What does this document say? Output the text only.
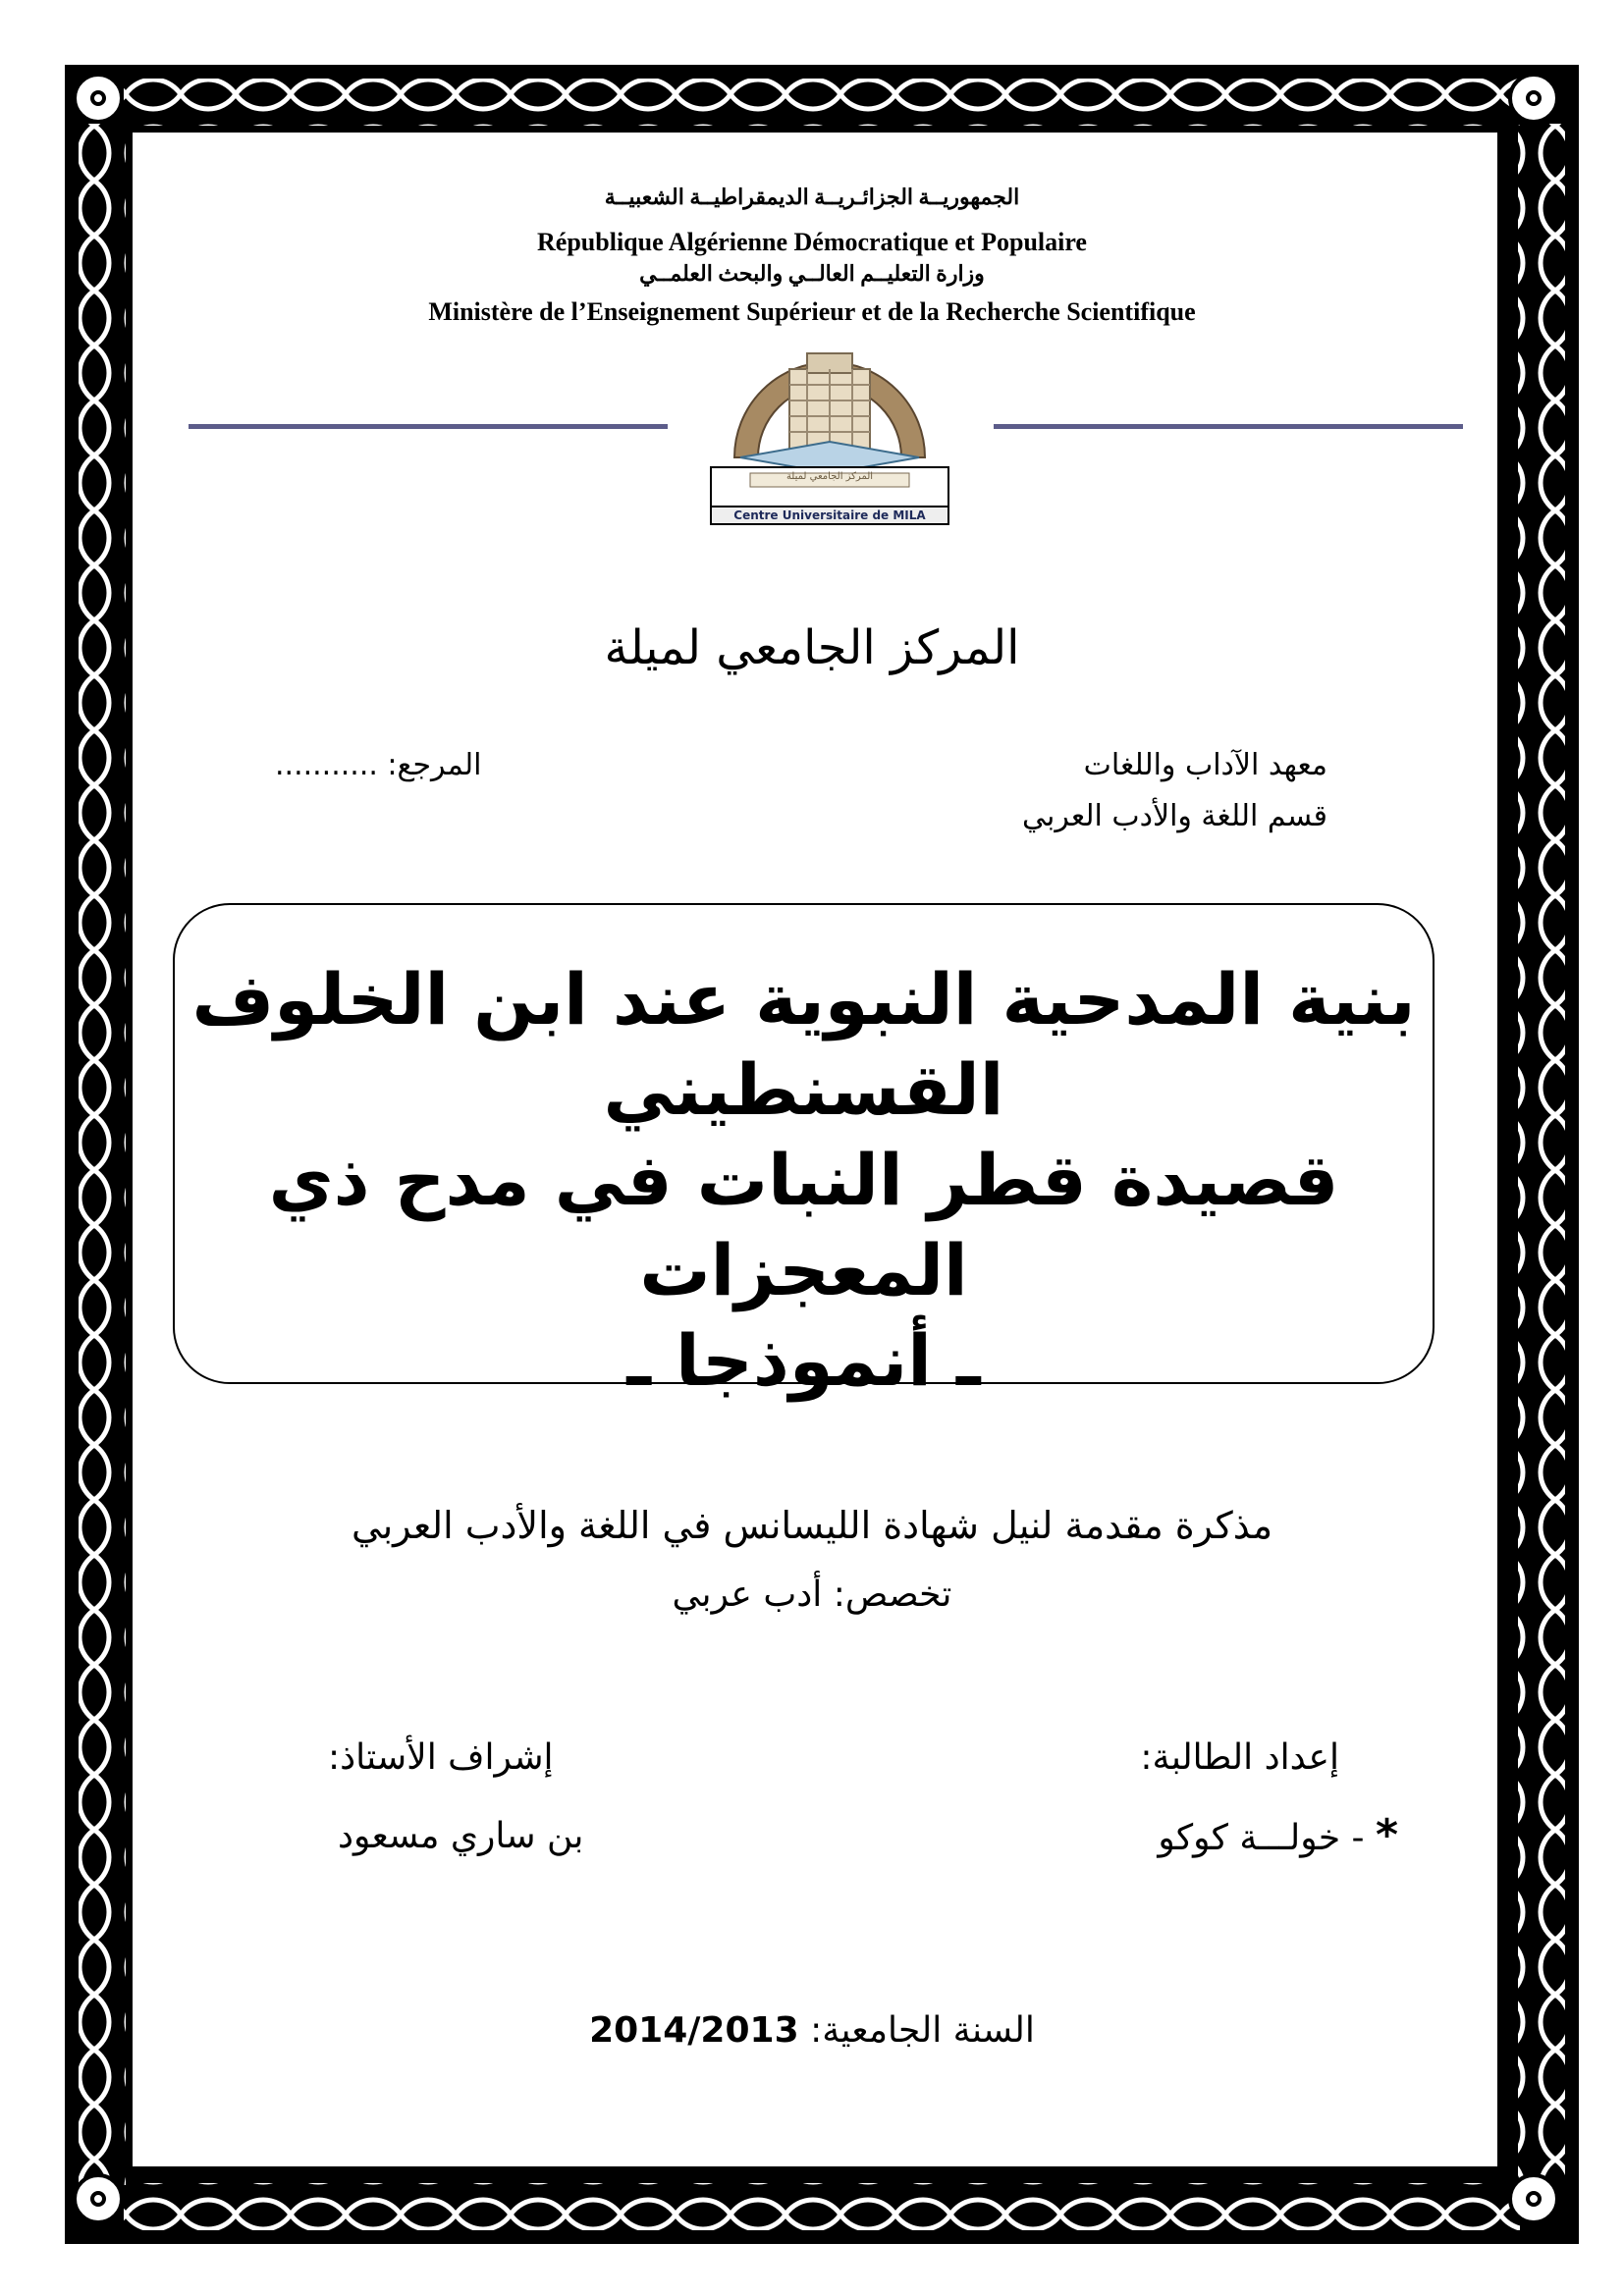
الجمهوريــة الجزائـريــة الديمقراطيــة الشعبيــة
République Algérienne Démocratique et Populaire
وزارة التعليــم العالــي والبحث العلمــي
Ministère de l’Enseignement Supérieur et de la Recherche Scientifique
المركز الجامعي لميلة
Centre Universitaire de MILA
المركز الجامعي لميلة
معهد الآداب واللغات
قسم اللغة والأدب العربي
المرجع: ...........
بنية المدحية النبوية عند ابن الخلوف
القسنطيني
قصيدة قطر النبات في مدح ذي المعجزات
ـ أنموذجا ـ
مذكرة مقدمة لنيل شهادة الليسانس في اللغة والأدب العربي
تخصص: أدب عربي
إعداد الطالبة:
* - خولـــة كوكو
إشراف الأستاذ:
بن ساري مسعود
السنة الجامعية: 2014/2013
